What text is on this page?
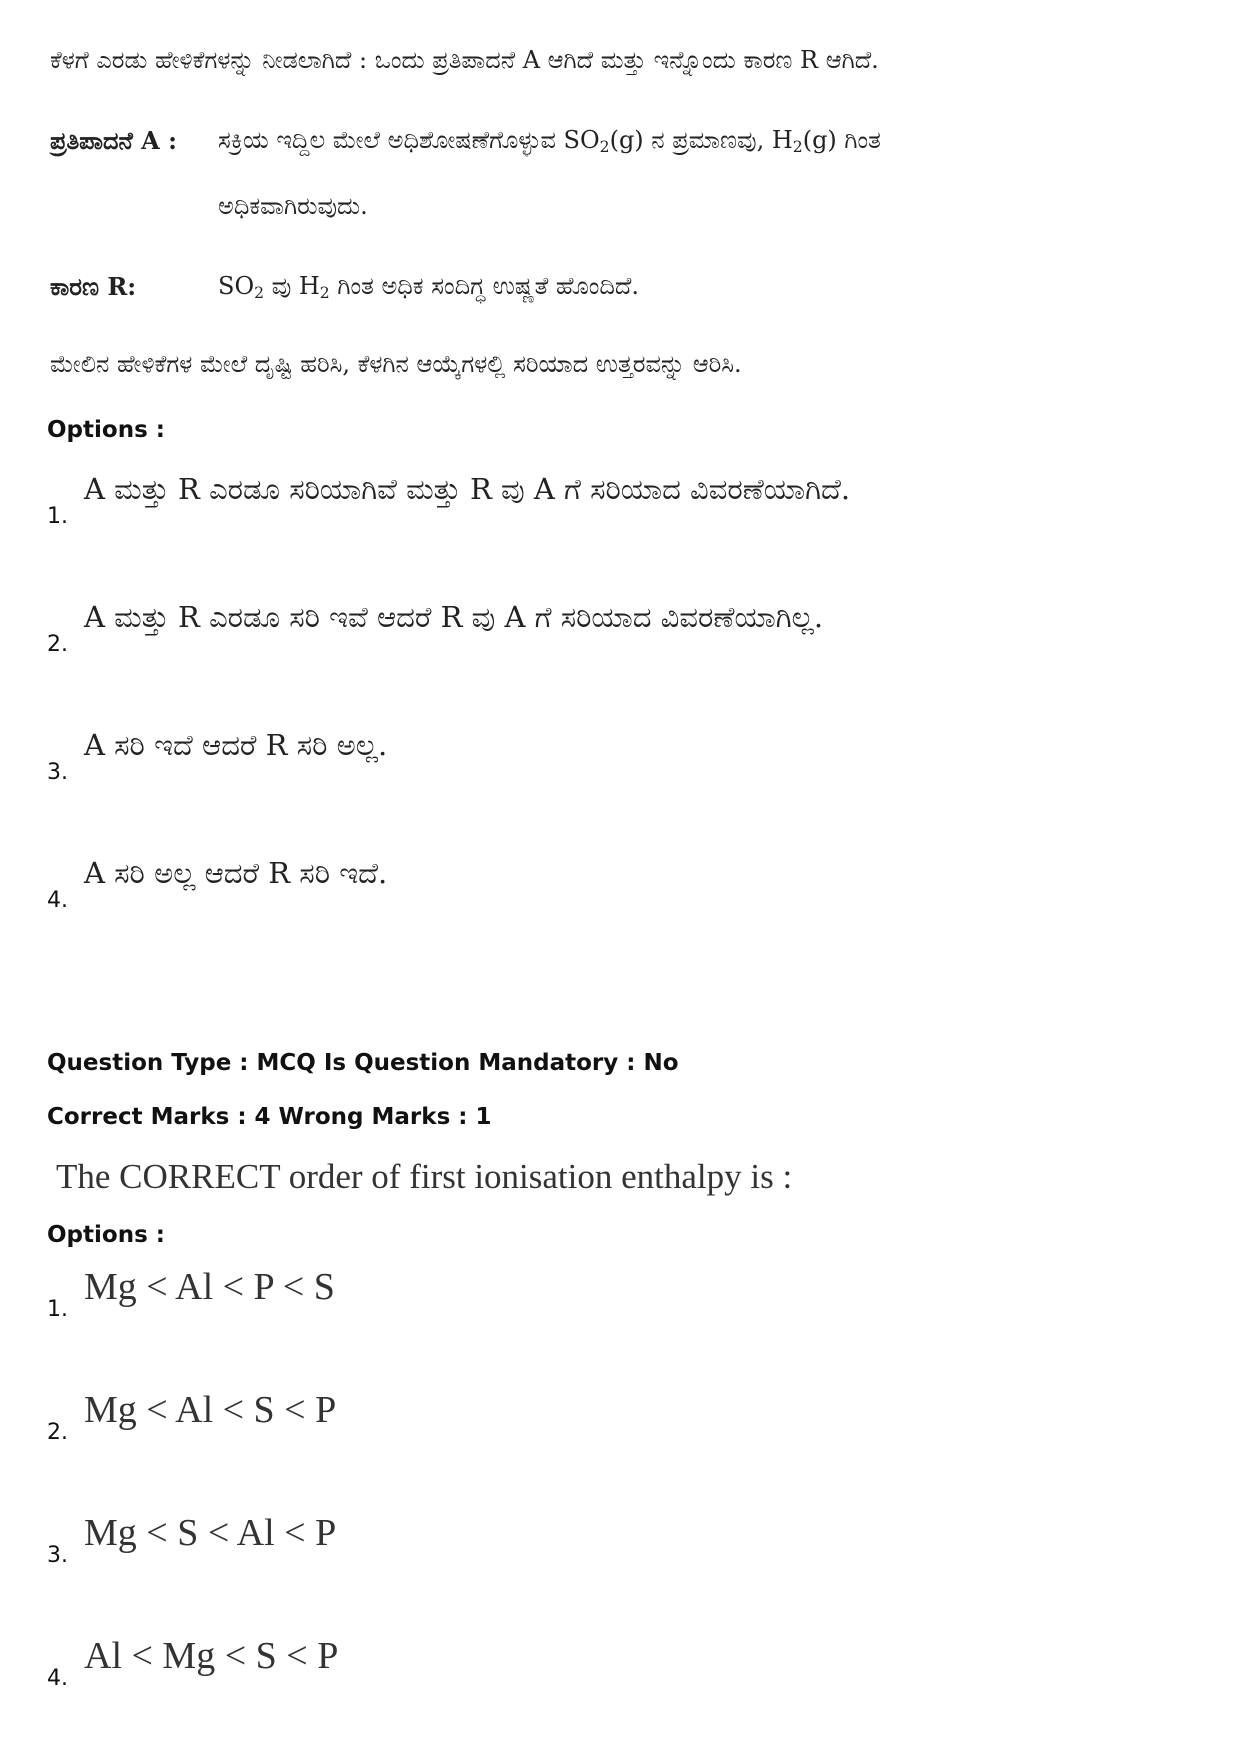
ಕೆಳಗೆ ಎರಡು ಹೇಳಿಕೆಗಳನ್ನು ನೀಡಲಾಗಿದೆ : ಒಂದು ಪ್ರತಿಪಾದನೆ A ಆಗಿದೆ ಮತ್ತು ಇನ್ನೊಂದು ಕಾರಣ R ಆಗಿದೆ.
ಪ್ರತಿಪಾದನೆ A : ಸಕ್ರಿಯ ಇದ್ದಿಲ ಮೇಲೆ ಅಧಿಶೋಷಣೆಗೊಳ್ಳುವ $SO_2(g)$ ನ ಪ್ರಮಾಣವು, $H_2(g)$ ಗಿಂತ
ಅಧಿಕವಾಗಿರುವುದು.
ಕಾರಣ R:	$SO_2$ ವು $H_2$ ಗಿಂತ ಅಧಿಕ ಸಂದಿಗ್ಧ ಉಷ್ಣತೆ ಹೊಂದಿದೆ.
ಮೇಲಿನ ಹೇಳಿಕೆಗಳ ಮೇಲೆ ದೃಷ್ಟಿ ಹರಿಸಿ, ಕೆಳಗಿನ ಆಯ್ಕೆಗಳಲ್ಲಿ ಸರಿಯಾದ ಉತ್ತರವನ್ನು ಆರಿಸಿ.
Options :
1.
A ಮತ್ತು R ಎರಡೂ ಸರಿಯಾಗಿವೆ ಮತ್ತು R ವು A ಗೆ ಸರಿಯಾದ ವಿವರಣೆಯಾಗಿದೆ.
2.
A ಮತ್ತು R ಎರಡೂ ಸರಿ ಇವೆ ಆದರೆ R ವು A ಗೆ ಸರಿಯಾದ ವಿವರಣೆಯಾಗಿಲ್ಲ.
3.
A ಸರಿ ಇದೆ ಆದರೆ R ಸರಿ ಅಲ್ಲ.
4.
A ಸರಿ ಅಲ್ಲ ಆದರೆ R ಸರಿ ಇದೆ.
Question Type : MCQ Is Question Mandatory : No
Correct Marks : 4 Wrong Marks : 1
The CORRECT order of first ionisation enthalpy is :
Options :
1.
Mg < Al < P < S
2.
Mg < Al < S < P
3.
Mg < S < Al < P
4.
Al < Mg < S < P
